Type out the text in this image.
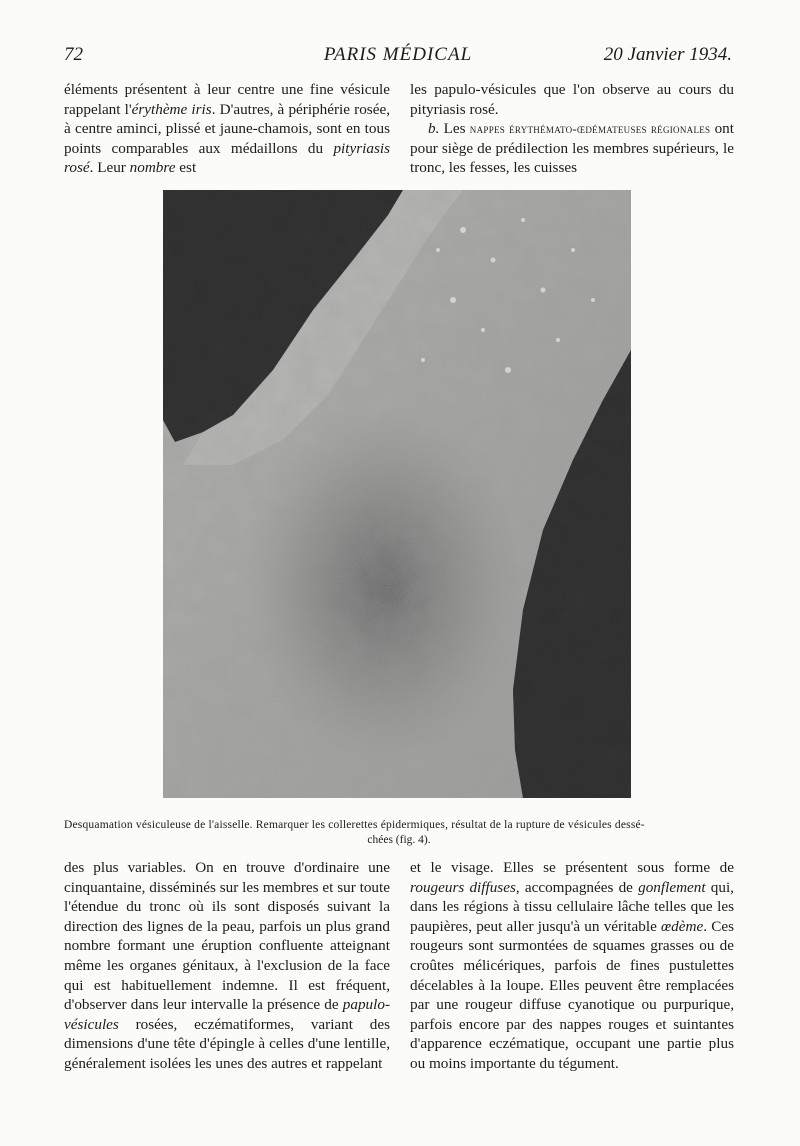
72	PARIS MÉDICAL	20 Janvier 1934.

éléments présentent à leur centre une fine vésicule rappelant l'érythème iris. D'autres, à périphérie rosée, à centre aminci, plissé et jaune-chamois, sont en tous points comparables aux médaillons du pityriasis rosé. Leur nombre est

les papulo-vésicules que l'on observe au cours du pityriasis rosé.

b. Les nappes érythémato-œdémateuses régionales ont pour siège de prédilection les membres supérieurs, le tronc, les fesses, les cuisses

Desquamation vésiculeuse de l'aisselle. Remarquer les collerettes épidermiques, résultat de la rupture de vésicules dessé-
chées (fig. 4).

des plus variables. On en trouve d'ordinaire une cinquantaine, disséminés sur les membres et sur toute l'étendue du tronc où ils sont disposés suivant la direction des lignes de la peau, parfois un plus grand nombre formant une éruption confluente atteignant même les organes génitaux, à l'exclusion de la face qui est habituellement indemne. Il est fréquent, d'observer dans leur intervalle la présence de papulo-vésicules rosées, eczématiformes, variant des dimensions d'une tête d'épingle à celles d'une lentille, généralement isolées les unes des autres et rappelant

et le visage. Elles se présentent sous forme de rougeurs diffuses, accompagnées de gonflement qui, dans les régions à tissu cellulaire lâche telles que les paupières, peut aller jusqu'à un véritable œdème. Ces rougeurs sont surmontées de squames grasses ou de croûtes mélicériques, parfois de fines pustulettes décelables à la loupe. Elles peuvent être remplacées par une rougeur diffuse cyanotique ou purpurique, parfois encore par des nappes rouges et suintantes d'apparence eczématique, occupant une partie plus ou moins importante du tégument.
